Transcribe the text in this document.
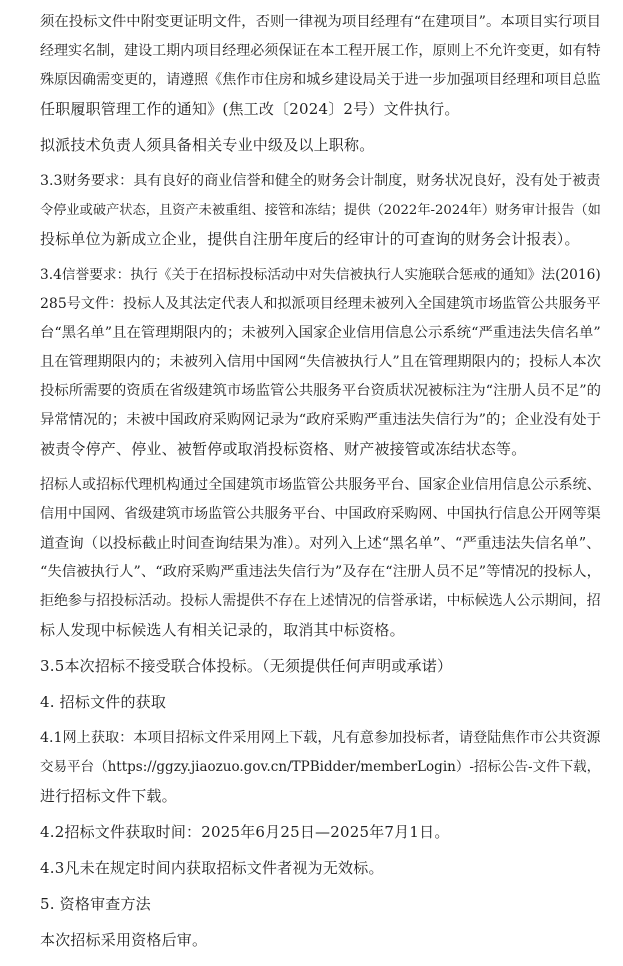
须在投标文件中附变更证明文件，否则一律视为项目经理有“在建项目”。本项目实行项目
经理实名制，建设工期内项目经理必须保证在本工程开展工作，原则上不允许变更，如有特
殊原因确需变更的，请遵照《焦作市住房和城乡建设局关于进一步加强项目经理和项目总监
任职履职管理工作的通知》(焦工改〔2024〕2号）文件执行。
拟派技术负责人须具备相关专业中级及以上职称。
3.3财务要求：具有良好的商业信誉和健全的财务会计制度，财务状况良好，没有处于被责
令停业或破产状态，且资产未被重组、接管和冻结；提供（2022年-2024年）财务审计报告（如
投标单位为新成立企业，提供自注册年度后的经审计的可查询的财务会计报表）。
3.4信誉要求：执行《关于在招标投标活动中对失信被执行人实施联合惩戒的通知》法(2016)
285号文件：投标人及其法定代表人和拟派项目经理未被列入全国建筑市场监管公共服务平
台“黑名单”且在管理期限内的；未被列入国家企业信用信息公示系统“严重违法失信名单”
且在管理期限内的；未被列入信用中国网“失信被执行人”且在管理期限内的；投标人本次
投标所需要的资质在省级建筑市场监管公共服务平台资质状况被标注为“注册人员不足”的
异常情况的；未被中国政府采购网记录为“政府采购严重违法失信行为”的；企业没有处于
被责令停产、停业、被暂停或取消投标资格、财产被接管或冻结状态等。
招标人或招标代理机构通过全国建筑市场监管公共服务平台、国家企业信用信息公示系统、
信用中国网、省级建筑市场监管公共服务平台、中国政府采购网、中国执行信息公开网等渠
道查询（以投标截止时间查询结果为准）。对列入上述“黑名单”、“严重违法失信名单”、
“失信被执行人”、“政府采购严重违法失信行为”及存在“注册人员不足”等情况的投标人，
拒绝参与招投标活动。投标人需提供不存在上述情况的信誉承诺，中标候选人公示期间，招
标人发现中标候选人有相关记录的，取消其中标资格。
3.5本次招标不接受联合体投标。（无须提供任何声明或承诺）
4. 招标文件的获取
4.1网上获取：本项目招标文件采用网上下载，凡有意参加投标者，请登陆焦作市公共资源
交易平台（https://ggzy.jiaozuo.gov.cn/TPBidder/memberLogin）-招标公告-文件下载，
进行招标文件下载。
4.2招标文件获取时间：2025年6月25日—2025年7月1日。
4.3凡未在规定时间内获取招标文件者视为无效标。
5. 资格审查方法
本次招标采用资格后审。
